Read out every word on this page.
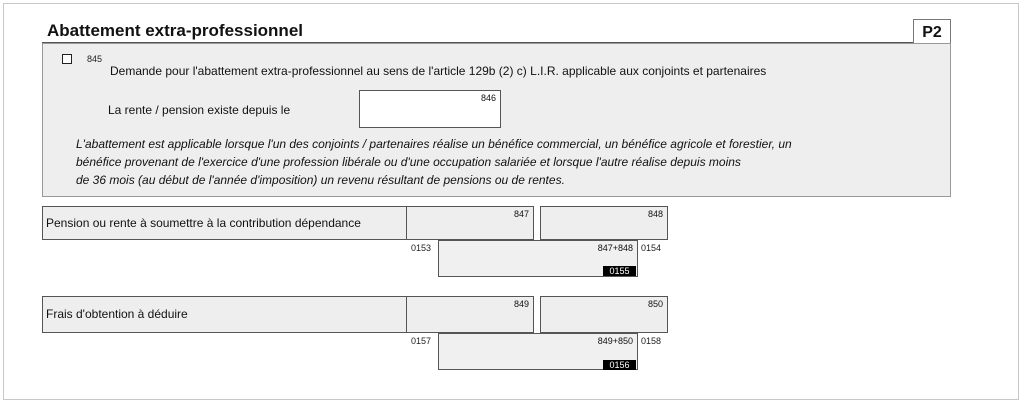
Abattement extra-professionnel	P2
845
Demande pour l'abattement extra-professionnel au sens de l'article 129b (2) c) L.I.R. applicable aux conjoints et partenaires
La rente / pension existe depuis le
846
L'abattement est applicable lorsque l'un des conjoints / partenaires réalise un bénéfice commercial, un bénéfice agricole et forestier, un
bénéfice provenant de l'exercice d'une profession libérale ou d'une occupation salariée et lorsque l'autre réalise depuis moins
de 36 mois (au début de l'année d'imposition) un revenu résultant de pensions ou de rentes.
Pension ou rente à soumettre à la contribution dépendance
847	848
0153	847+848 0154
0155
Frais d'obtention à déduire
849	850
0157	849+850 0158
0156
